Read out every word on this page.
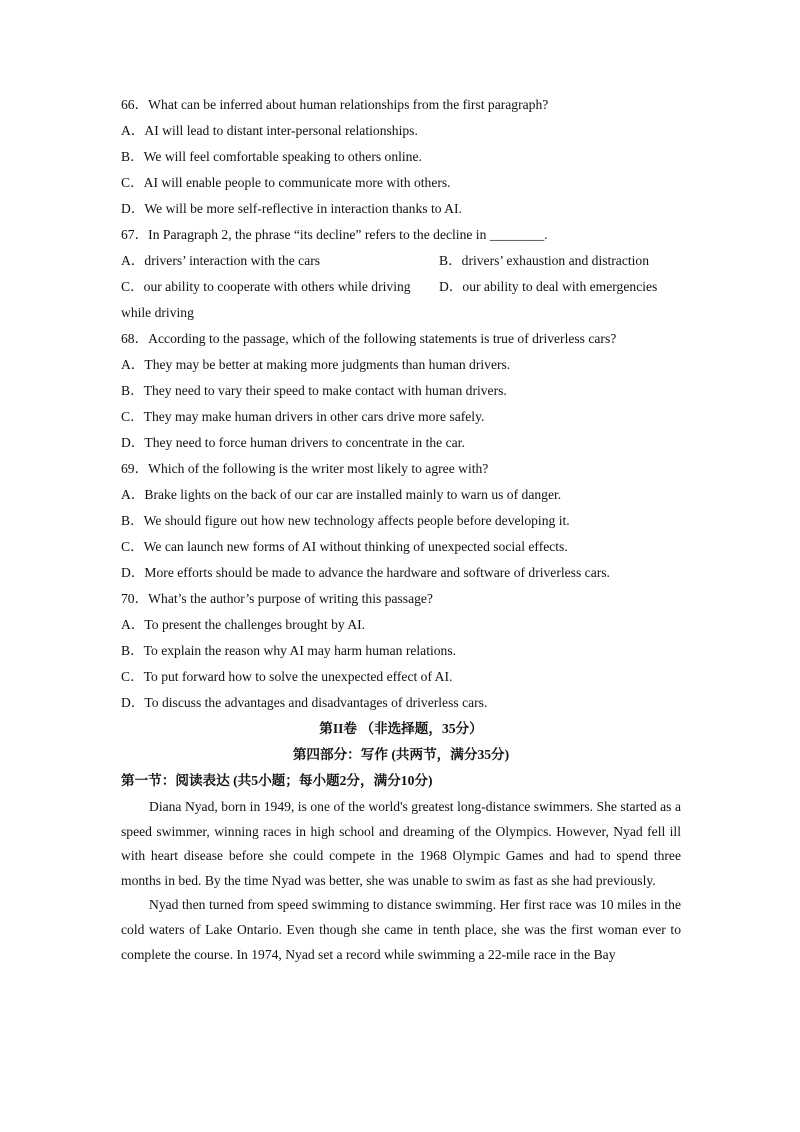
66．What can be inferred about human relationships from the first paragraph?
A．AI will lead to distant inter-personal relationships.
B．We will feel comfortable speaking to others online.
C．AI will enable people to communicate more with others.
D．We will be more self-reflective in interaction thanks to AI.
67．In Paragraph 2, the phrase “its decline” refers to the decline in ________.
A．drivers’ interaction with the cars	B．drivers’ exhaustion and distraction
C．our ability to cooperate with others while driving	D．our ability to deal with emergencies
while driving
68．According to the passage, which of the following statements is true of driverless cars?
A．They may be better at making more judgments than human drivers.
B．They need to vary their speed to make contact with human drivers.
C．They may make human drivers in other cars drive more safely.
D．They need to force human drivers to concentrate in the car.
69．Which of the following is the writer most likely to agree with?
A．Brake lights on the back of our car are installed mainly to warn us of danger.
B．We should figure out how new technology affects people before developing it.
C．We can launch new forms of AI without thinking of unexpected social effects.
D．More efforts should be made to advance the hardware and software of driverless cars.
70．What’s the author’s purpose of writing this passage?
A．To present the challenges brought by AI.
B．To explain the reason why AI may harm human relations.
C．To put forward how to solve the unexpected effect of AI.
D．To discuss the advantages and disadvantages of driverless cars.
第II卷 （非选择题，35分）
第四部分：写作 (共两节，满分35分)
第一节：阅读表达 (共5小题；每小题2分，满分10分)

Diana Nyad, born in 1949, is one of the world's greatest long-distance swimmers. She started as a speed swimmer, winning races in high school and dreaming of the Olympics. However, Nyad fell ill with heart disease before she could compete in the 1968 Olympic Games and had to spend three months in bed. By the time Nyad was better, she was unable to swim as fast as she had previously.

Nyad then turned from speed swimming to distance swimming. Her first race was 10 miles in the cold waters of Lake Ontario. Even though she came in tenth place, she was the first woman ever to complete the course. In 1974, Nyad set a record while swimming a 22-mile race in the Bay
